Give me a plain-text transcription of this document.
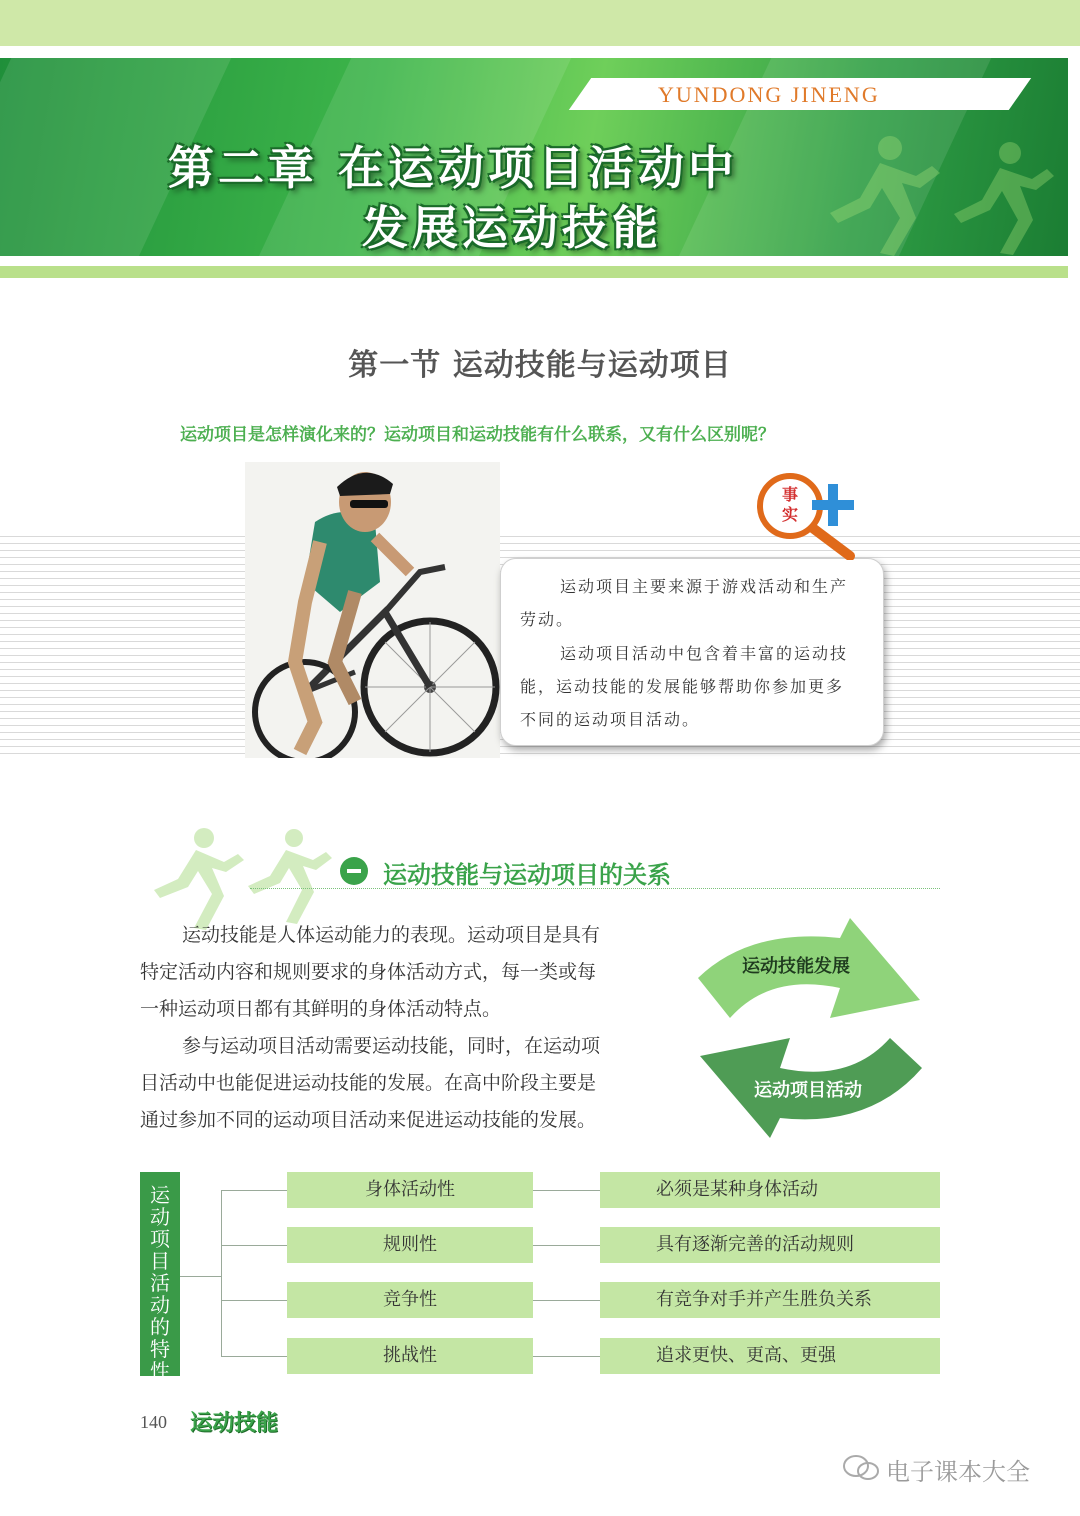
YUNDONG JINENG
第二章 在运动项目活动中
发展运动技能
第一节 运动技能与运动项目
运动项目是怎样演化来的？运动项目和运动技能有什么联系，又有什么区别呢？
运动项目主要来源于游戏活动和生产
劳动。
运动项目活动中包含着丰富的运动技
能，运动技能的发展能够帮助你参加更多
不同的运动项目活动。
事
实
运动技能与运动项目的关系
运动技能是人体运动能力的表现。运动项目是具有
特定活动内容和规则要求的身体活动方式，每一类或每
一种运动项日都有其鲜明的身体活动特点。
参与运动项目活动需要运动技能，同时，在运动项
目活动中也能促进运动技能的发展。在高中阶段主要是
通过参加不同的运动项目活动来促进运动技能的发展。
运动技能发展
运动项目活动
运动项目活动的特性
身体活动性	必须是某种身体活动
规则性	具有逐渐完善的活动规则
竞争性	有竞争对手并产生胜负关系
挑战性	追求更快、更高、更强
140 运动技能
电子课本大全
